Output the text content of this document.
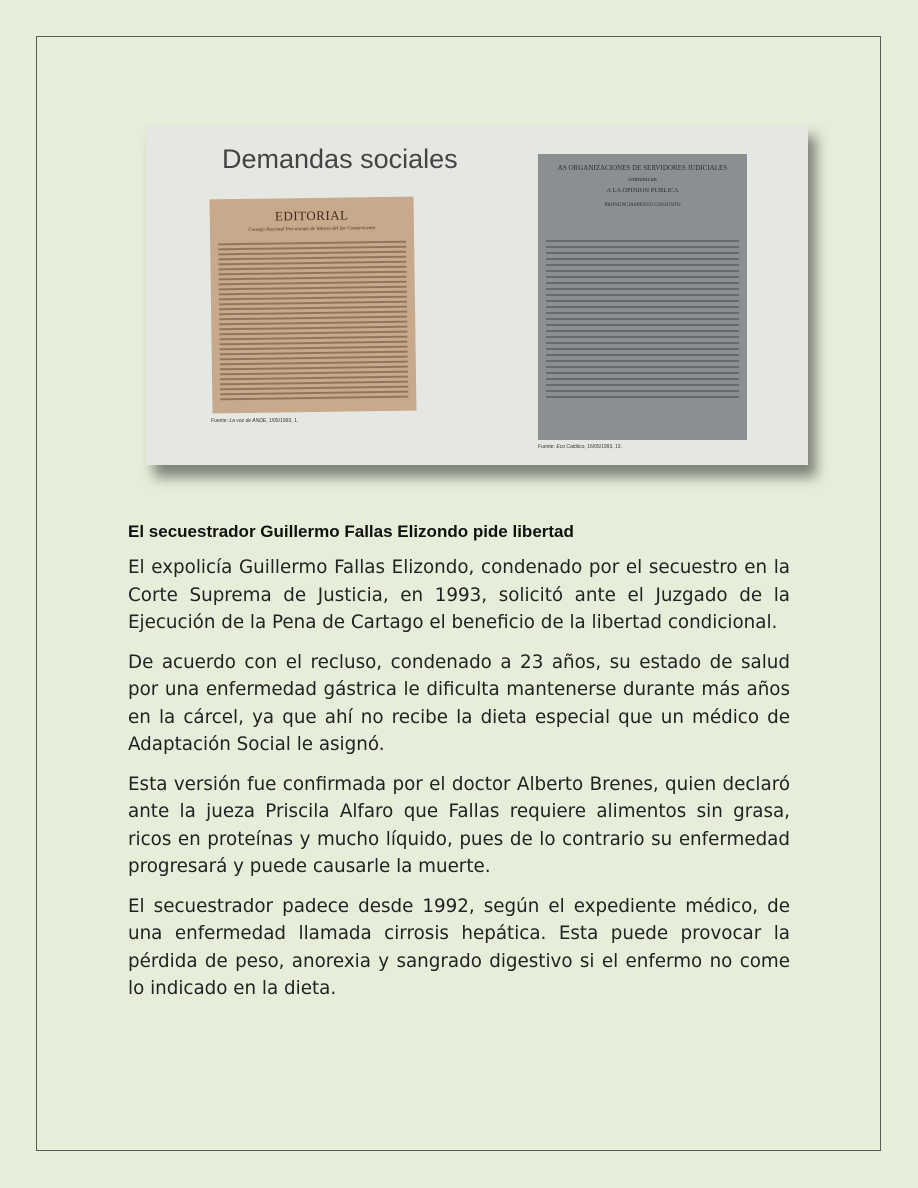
Demandas sociales
EDITORIAL
Consejo Nacional Pro-rescate de Valores del Ser Costarricense
Fuente: La voz de ANDE, 1/05/1993, 1.
AS ORGANIZACIONES DE SERVIDORES JUDICIALES
comunican
A LA OPINION PUBLICA
PRONUNCIAMIENTO CONJUNTO
Fuente: Eco Católico, 16/05/1993, 13.
El secuestrador Guillermo Fallas Elizondo pide libertad

El expolicía Guillermo Fallas Elizondo, condenado por el secuestro en la Corte Suprema de Justicia, en 1993, solicitó ante el Juzgado de la Ejecución de la Pena de Cartago el beneficio de la libertad condicional.

De acuerdo con el recluso, condenado a 23 años, su estado de salud por una enfermedad gástrica le dificulta mantenerse durante más años en la cárcel, ya que ahí no recibe la dieta especial que un médico de Adaptación Social le asignó.

Esta versión fue confirmada por el doctor Alberto Brenes, quien declaró ante la jueza Priscila Alfaro que Fallas requiere alimentos sin grasa, ricos en proteínas y mucho líquido, pues de lo contrario su enfermedad progresará y puede causarle la muerte.

El secuestrador padece desde 1992, según el expediente médico, de una enfermedad llamada cirrosis hepática. Esta puede provocar la pérdida de peso, anorexia y sangrado digestivo si el enfermo no come lo indicado en la dieta.
